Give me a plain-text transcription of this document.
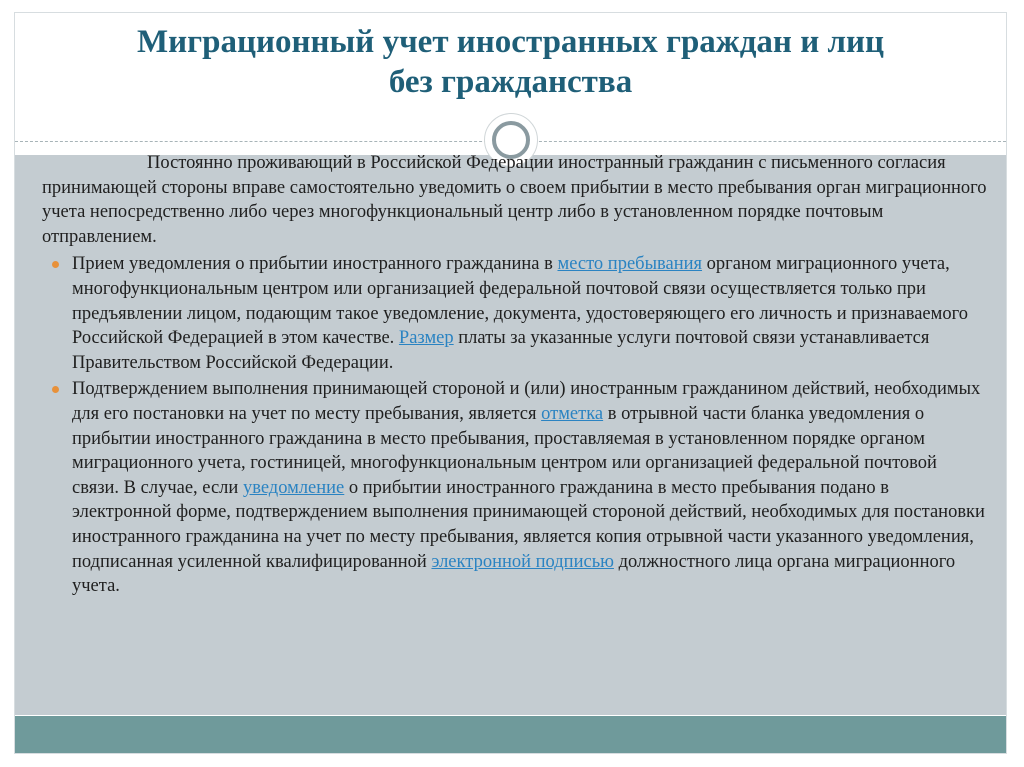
Миграционный учет иностранных граждан и лиц
без гражданства

Постоянно проживающий в Российской Федерации иностранный гражданин с письменного согласия принимающей стороны вправе самостоятельно уведомить о своем прибытии в место пребывания орган миграционного учета непосредственно либо через многофункциональный центр либо в установленном порядке почтовым отправлением.

Прием уведомления о прибытии иностранного гражданина в место пребывания органом миграционного учета, многофункциональным центром или организацией федеральной почтовой связи осуществляется только при предъявлении лицом, подающим такое уведомление, документа, удостоверяющего его личность и признаваемого Российской Федерацией в этом качестве. Размер платы за указанные услуги почтовой связи устанавливается Правительством Российской Федерации.
Подтверждением выполнения принимающей стороной и (или) иностранным гражданином действий, необходимых для его постановки на учет по месту пребывания, является отметка в отрывной части бланка уведомления о прибытии иностранного гражданина в место пребывания, проставляемая в установленном порядке органом миграционного учета, гостиницей, многофункциональным центром или организацией федеральной почтовой связи. В случае, если уведомление о прибытии иностранного гражданина в место пребывания подано в электронной форме, подтверждением выполнения принимающей стороной действий, необходимых для постановки иностранного гражданина на учет по месту пребывания, является копия отрывной части указанного уведомления, подписанная усиленной квалифицированной электронной подписью должностного лица органа миграционного учета.
